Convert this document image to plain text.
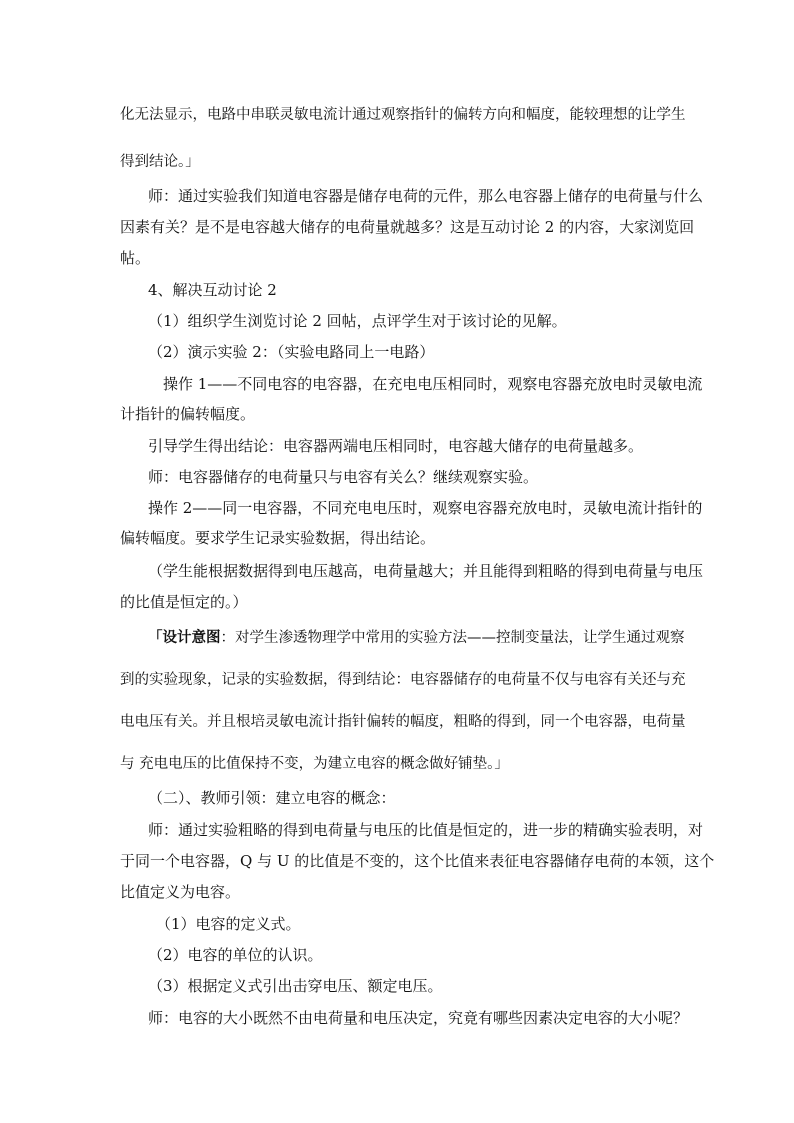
化无法显示，电路中串联灵敏电流计通过观察指针的偏转方向和幅度，能较理想的让学生
得到结论。」
师：通过实验我们知道电容器是储存电荷的元件，那么电容器上储存的电荷量与什么
因素有关？是不是电容越大储存的电荷量就越多？这是互动讨论 2 的内容，大家浏览回
帖。
4、解决互动讨论 2
（1）组织学生浏览讨论 2 回帖，点评学生对于该讨论的见解。
（2）演示实验 2：（实验电路同上一电路）
操作 1——不同电容的电容器，在充电电压相同时，观察电容器充放电时灵敏电流
计指针的偏转幅度。
引导学生得出结论：电容器两端电压相同时，电容越大储存的电荷量越多。
师：电容器储存的电荷量只与电容有关么？继续观察实验。
操作 2——同一电容器，不同充电电压时，观察电容器充放电时，灵敏电流计指针的
偏转幅度。要求学生记录实验数据，得出结论。
（学生能根据数据得到电压越高，电荷量越大；并且能得到粗略的得到电荷量与电压
的比值是恒定的。）
「设计意图：对学生渗透物理学中常用的实验方法——控制变量法，让学生通过观察
到的实验现象，记录的实验数据，得到结论：电容器储存的电荷量不仅与电容有关还与充
电电压有关。并且根培灵敏电流计指针偏转的幅度，粗略的得到，同一个电容器，电荷量
与 充电电压的比值保持不变，为建立电容的概念做好铺垫。」
（二）、教师引领：建立电容的概念：
师：通过实验粗略的得到电荷量与电压的比值是恒定的，进一步的精确实验表明，对
于同一个电容器，Q 与 U 的比值是不变的，这个比值来表征电容器储存电荷的本领，这个
比值定义为电容。
（1）电容的定义式。
（2）电容的单位的认识。
（3）根据定义式引出击穿电压、额定电压。
师：电容的大小既然不由电荷量和电压决定，究竟有哪些因素决定电容的大小呢？
